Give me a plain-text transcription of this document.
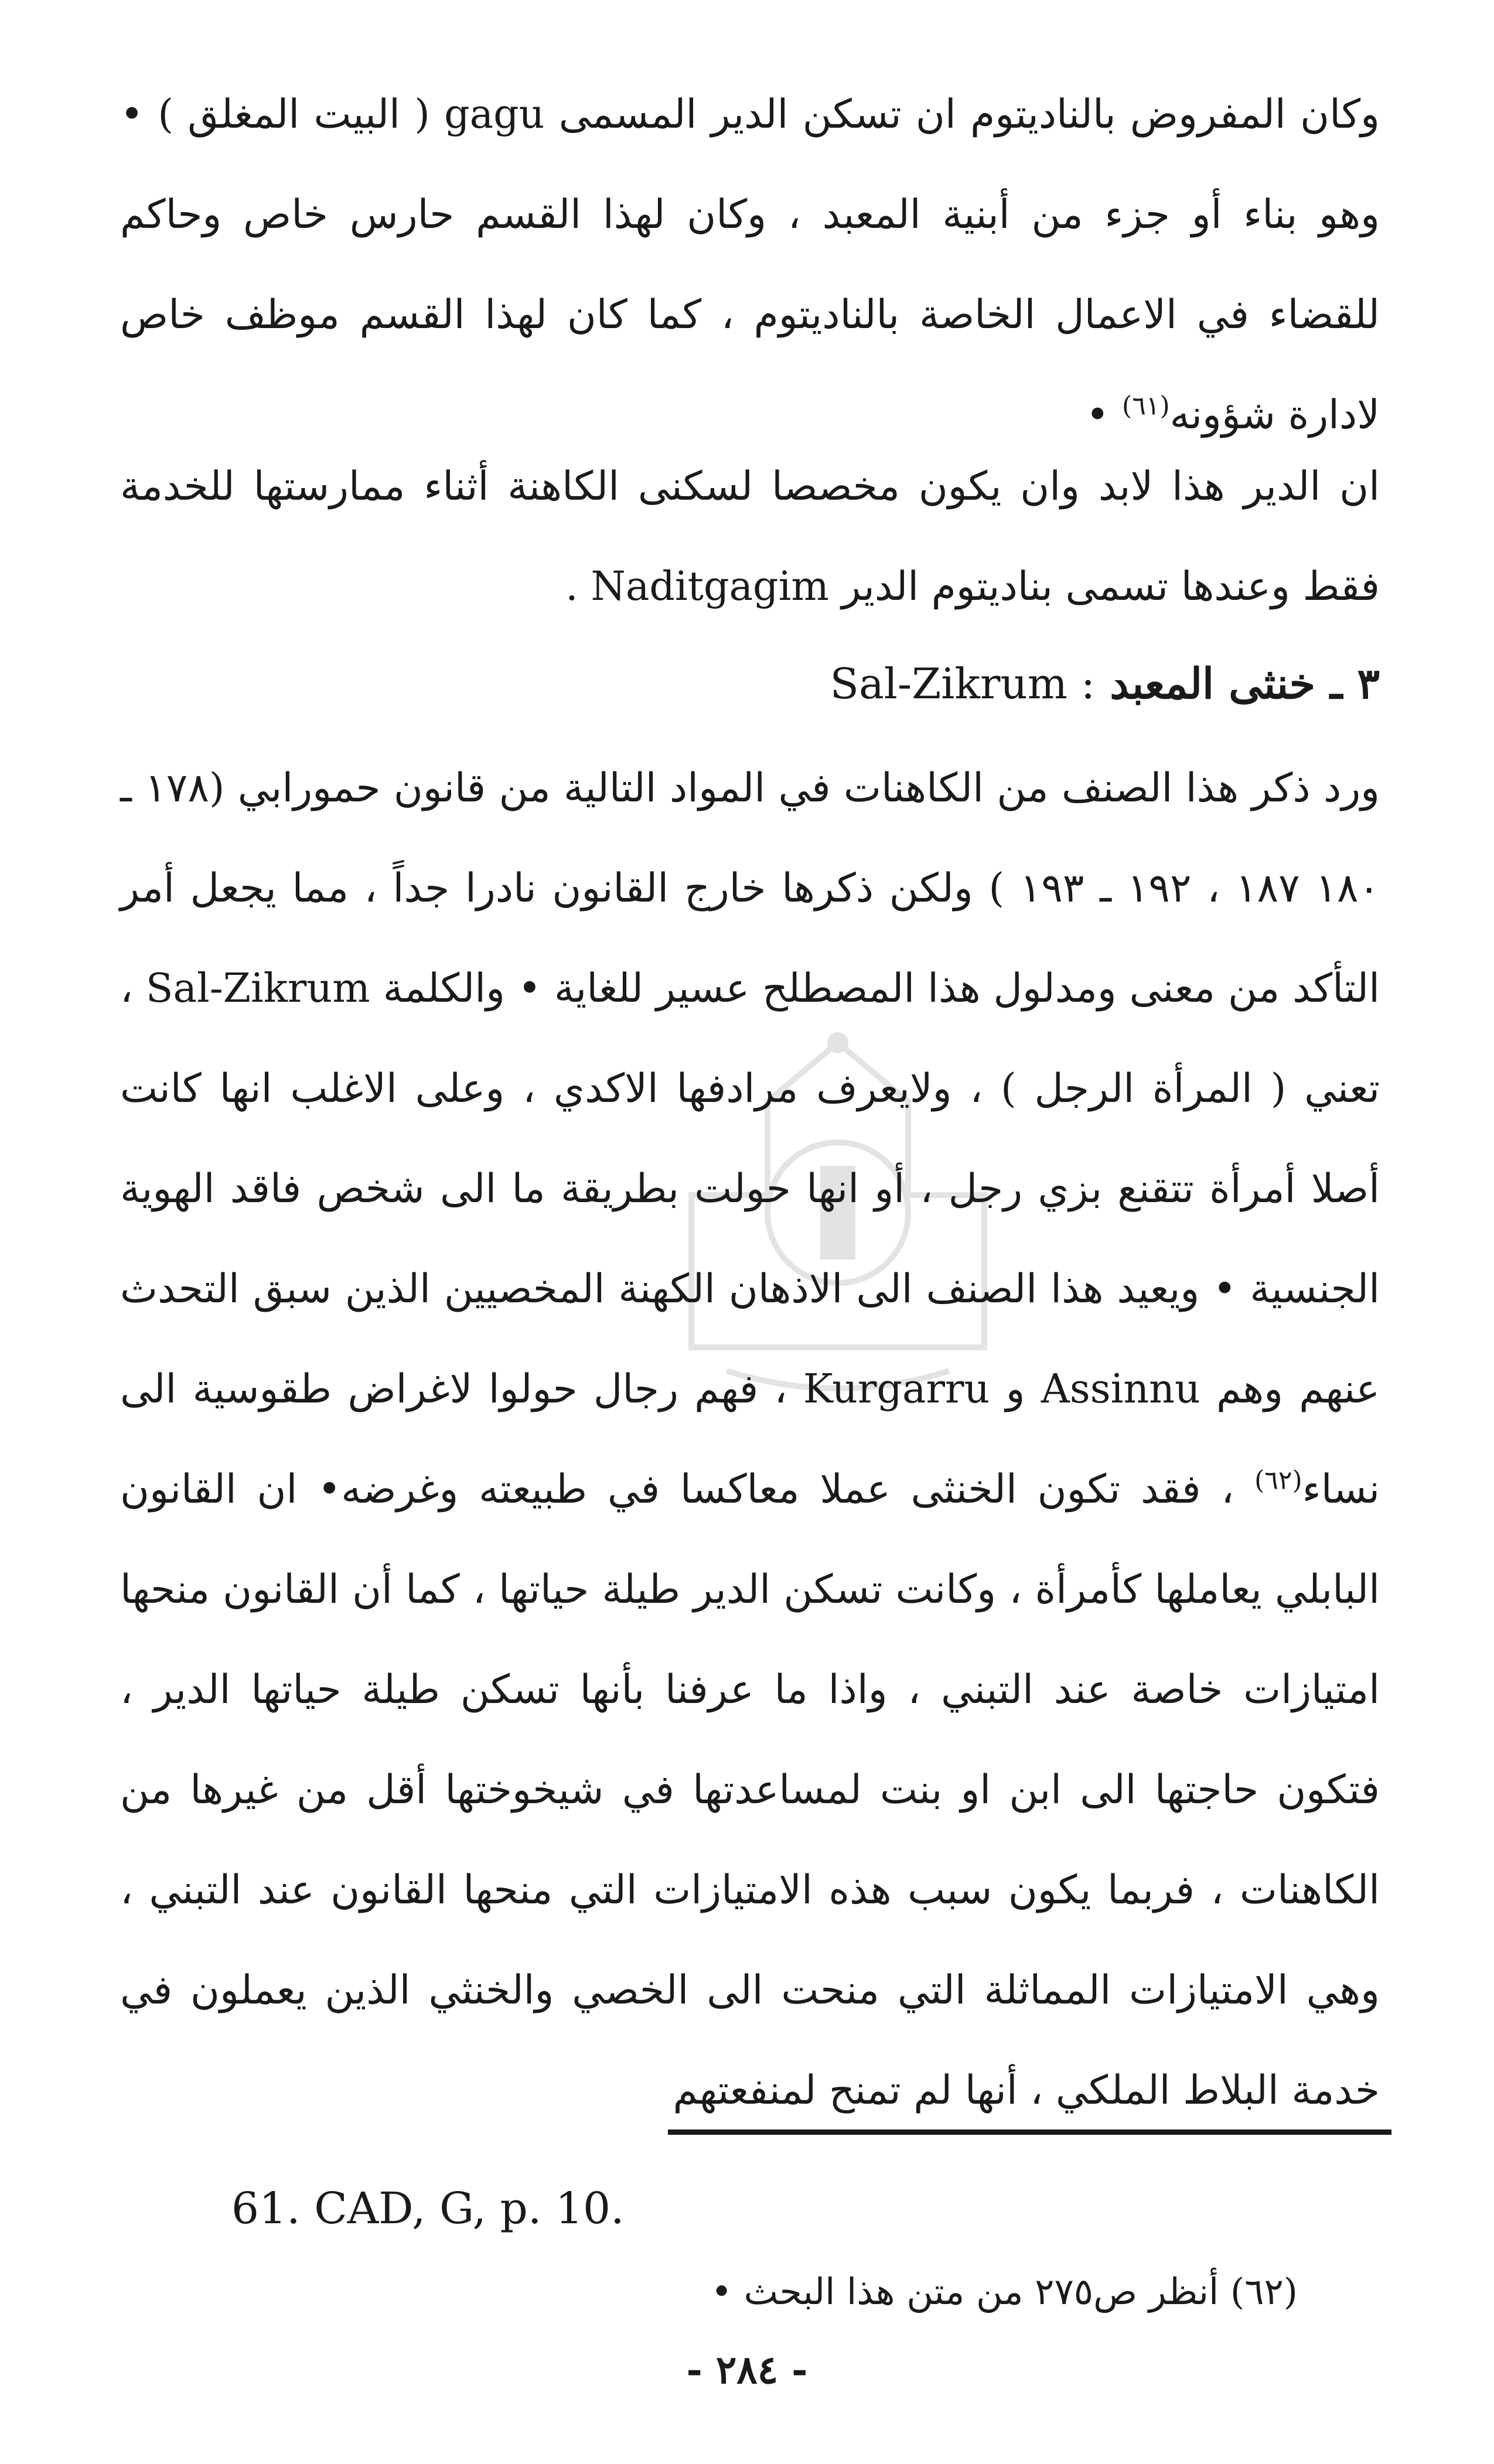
وكان المفروض بالناديتوم ان تسكن الدير المسمى gagu ( البيت المغلق ) • وهو بناء أو جزء من أبنية المعبد ، وكان لهذا القسم حارس خاص وحاكم للقضاء في الاعمال الخاصة بالناديتوم ، كما كان لهذا القسم موظف خاص لادارة شؤونه$^{(٦١)}$ •

ان الدير هذا لابد وان يكون مخصصا لسكنى الكاهنة أثناء ممارستها للخدمة فقط وعندها تسمى بناديتوم الدير Naditgagim .

٣ ـ خنثى المعبد Sal-Zikrum :

ورد ذكر هذا الصنف من الكاهنات في المواد التالية من قانون حمورابي (١٧٨ ـ ١٨٠ ١٨٧ ، ١٩٢ ـ ١٩٣ ) ولكن ذكرها خارج القانون نادرا جداً ، مما يجعل أمر التأكد من معنى ومدلول هذا المصطلح عسير للغاية • والكلمة Sal-Zikrum ، تعني ( المرأة الرجل ) ، ولايعرف مرادفها الاكدي ، وعلى الاغلب انها كانت أصلا أمرأة تتقنع بزي رجل ، أو انها حولت بطريقة ما الى شخص فاقد الهوية الجنسية • ويعيد هذا الصنف الى الاذهان الكهنة المخصيين الذين سبق التحدث عنهم وهم Assinnu و Kurgarru ، فهم رجال حولوا لاغراض طقوسية الى نساء$^{(٦٢)}$ ، فقد تكون الخنثى عملا معاكسا في طبيعته وغرضه• ان القانون البابلي يعاملها كأمرأة ، وكانت تسكن الدير طيلة حياتها ، كما أن القانون منحها امتيازات خاصة عند التبني ، واذا ما عرفنا بأنها تسكن طيلة حياتها الدير ، فتكون حاجتها الى ابن او بنت لمساعدتها في شيخوختها أقل من غيرها من الكاهنات ، فربما يكون سبب هذه الامتيازات التي منحها القانون عند التبني ، وهي الامتيازات المماثلة التي منحت الى الخصي والخنثي الذين يعملون في خدمة البلاط الملكي ، أنها لم تمنح لمنفعتهم

61. CAD, G, p. 10.
(٦٢) أنظر ص٢٧٥ من متن هذا البحث •
- ٢٨٤ -
